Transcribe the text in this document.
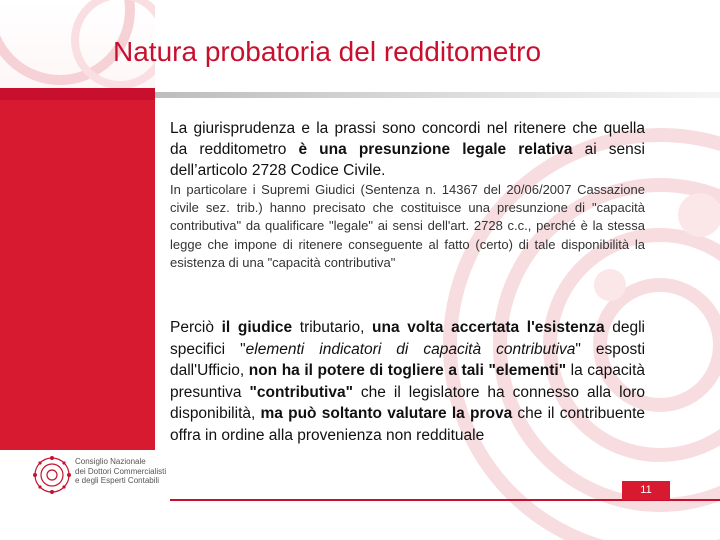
Natura probatoria del redditometro
La giurisprudenza e la prassi sono concordi nel ritenere che quella da redditometro è una presunzione legale relativa ai sensi dell’articolo 2728 Codice Civile.
In particolare i Supremi Giudici (Sentenza n. 14367 del 20/06/2007 Cassazione civile sez. trib.) hanno precisato che costituisce una presunzione di "capacità contributiva" da qualificare "legale" ai sensi dell'art. 2728 c.c., perché è la stessa legge che impone di ritenere conseguente al fatto (certo) di tale disponibilità la esistenza di una "capacità contributiva"
Perciò il giudice tributario, una volta accertata l'esistenza degli specifici "elementi indicatori di capacità contributiva" esposti dall'Ufficio, non ha il potere di togliere a tali "elementi" la capacità presuntiva "contributiva" che il legislatore ha connesso alla loro disponibilità, ma può soltanto valutare la prova che il contribuente offra in ordine alla provenienza non reddituale
Consiglio Nazionale
dei Dottori Commercialisti
e degli Esperti Contabili
11
